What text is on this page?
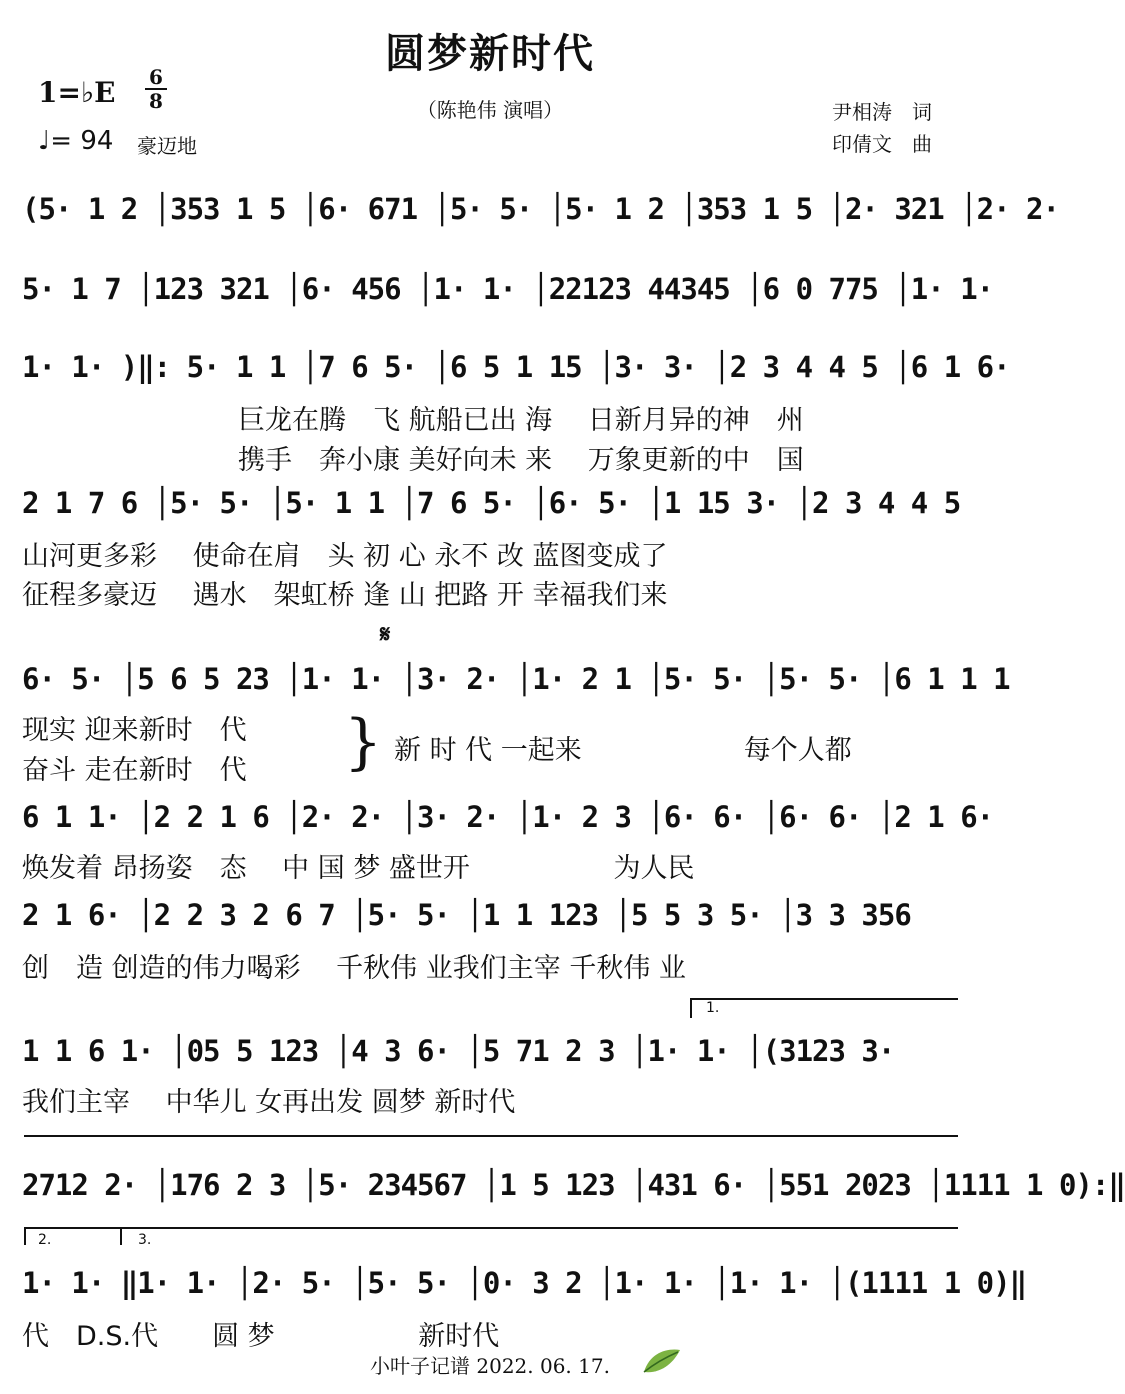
圆梦新时代
（陈艳伟 演唱）	尹相涛　词
印倩文　曲
1=♭E 6
8
♩= 94 豪迈地
(5· 1 2 │353 1 5 │6· 671 │5· 5· │5· 1 2 │353 1 5 │2· 321 │2· 2·
5· 1 7 │123 321 │6· 456 │1· 1· │22123 44345 │6 0 775 │1· 1·
1· 1· )‖: 5· 1 1 │7 6 5· │6 5 1 15 │3· 3· │2 3 4 4 5 │6 1 6·
　　　　　　　　巨龙在腾　飞 航船已出 海　 日新月异的神　州
　　　　　　　　携手　奔小康 美好向未 来　 万象更新的中　国
2 1 7 6 │5· 5· │5· 1 1 │7 6 5· │6· 5· │1 15 3· │2 3 4 4 5
山河更多彩　 使命在肩　头 初 心 永不 改 蓝图变成了
征程多豪迈　 遇水　架虹桥 逢 山 把路 开 幸福我们来
𝄋
6· 5· │5 6 5 23 │1· 1· │3· 2· │1· 2 1 │5· 5· │5· 5· │6 1 1 1
现实 迎来新时　代
奋斗 走在新时　代	} 新 时 代 一起来　　　　　　每个人都
6 1 1· │2 2 1 6 │2· 2· │3· 2· │1· 2 3 │6· 6· │6· 6· │2 1 6·
焕发着 昂扬姿　态　 中 国 梦 盛世开　　　　　 为人民
2 1 6· │2 2 3 2 6 7 │5· 5· │1 1 123 │5 5 3 5· │3 3 356
创　造 创造的伟力喝彩　 千秋伟 业我们主宰 千秋伟 业
1.
1 1 6 1· │05 5 123 │4 3 6· │5 71 2 3 │1· 1· │(3123 3·
我们主宰　 中华儿 女再出发 圆梦 新时代
2712 2· │176 2 3 │5· 234567 │1 5 123 │431 6· │551 2023 │1111 1 0):‖
2.	3.
1· 1· ‖1· 1· │2· 5· │5· 5· │0· 3 2 │1· 1· │1· 1· │(1111 1 0)‖
代　D.S.代　　圆 梦　　　　　 新时代
小叶子记谱 2022. 06. 17.
